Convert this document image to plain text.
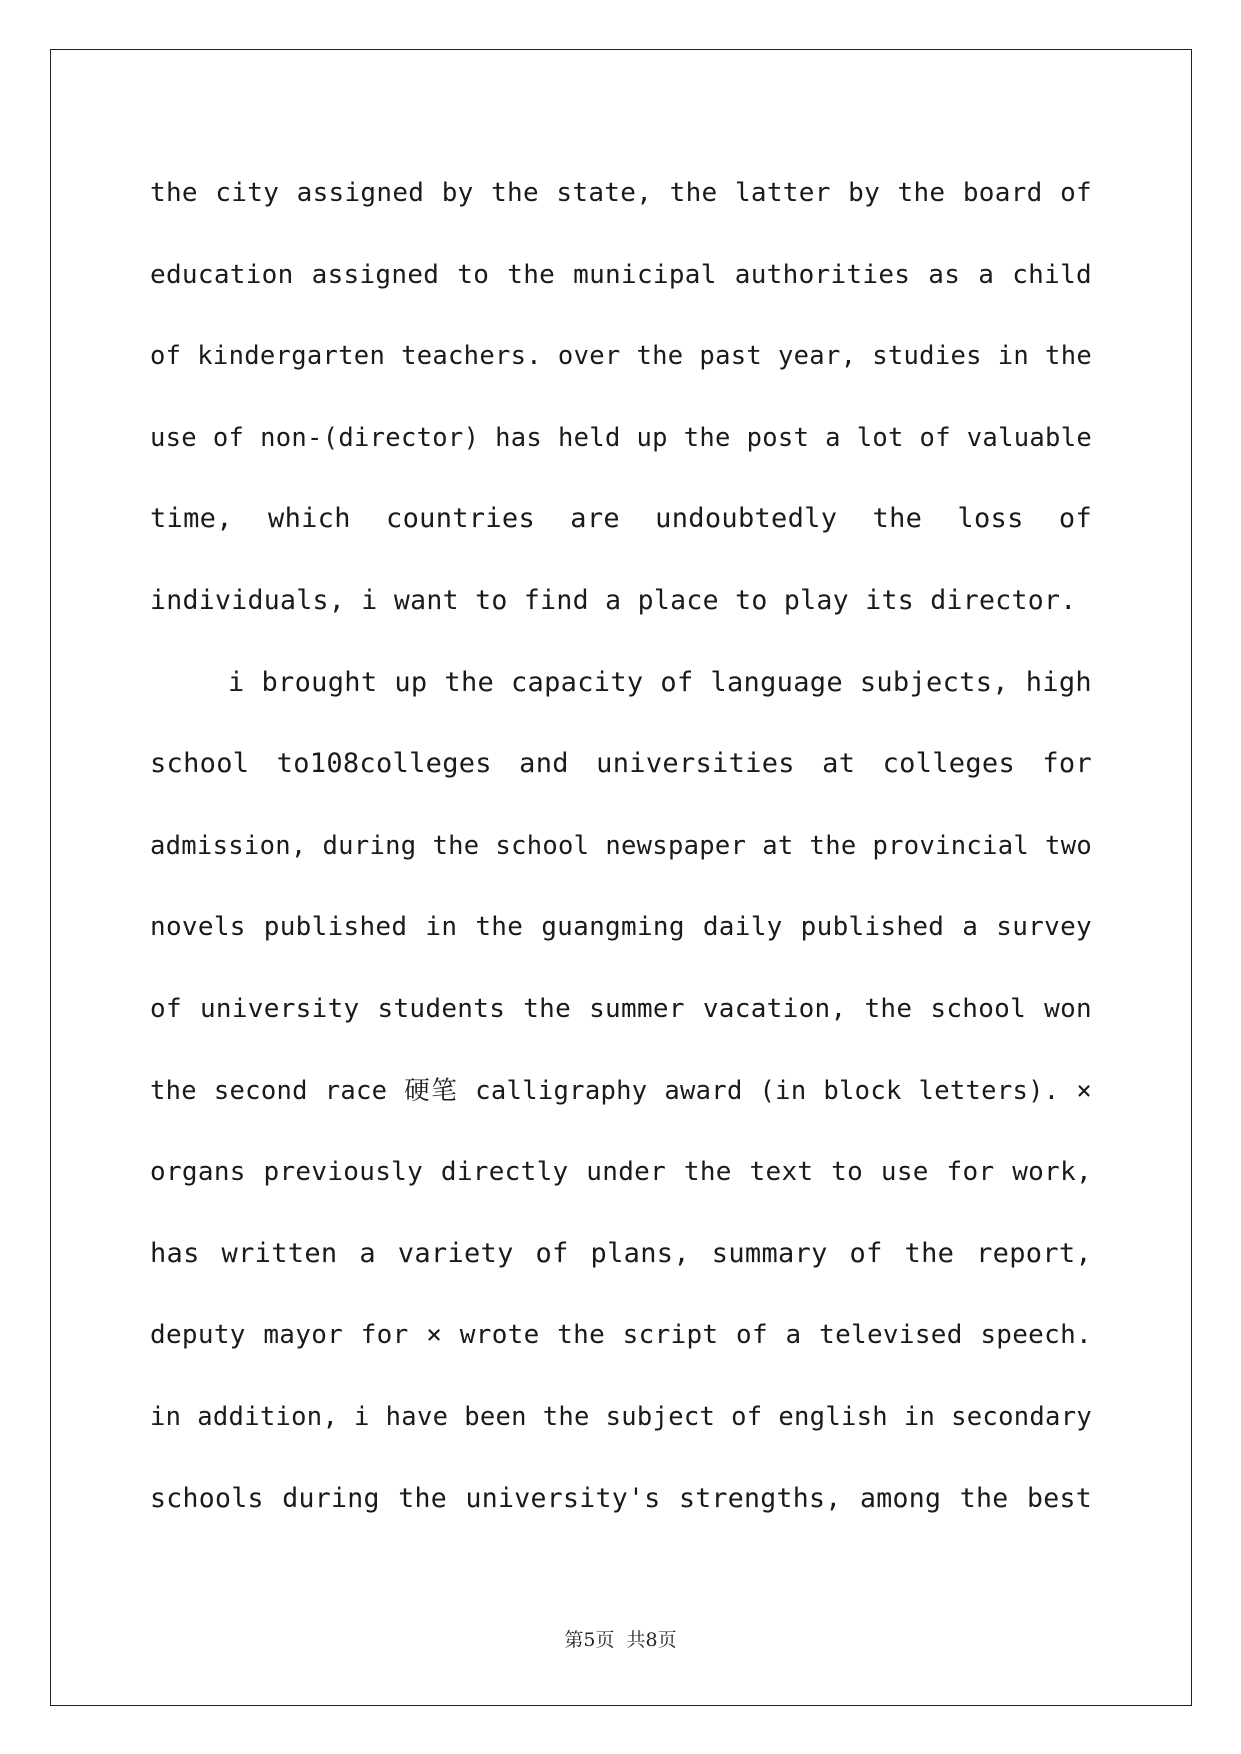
the city assigned by the state, the latter by the board of
education assigned to the municipal authorities as a child
of kindergarten teachers. over the past year, studies in the
use of non-(director) has held up the post a lot of valuable
time, which countries are undoubtedly the loss of
individuals, i want to find a place to play its director.
i brought up the capacity of language subjects, high
school to108colleges and universities at colleges for
admission, during the school newspaper at the provincial two
novels published in the guangming daily published a survey
of university students the summer vacation, the school won
the second race 硬笔 calligraphy award (in block letters). ×
organs previously directly under the text to use for work,
has written a variety of plans, summary of the report,
deputy mayor for × wrote the script of a televised speech.
in addition, i have been the subject of english in secondary
schools during the university's strengths, among the best
第5页 共8页
